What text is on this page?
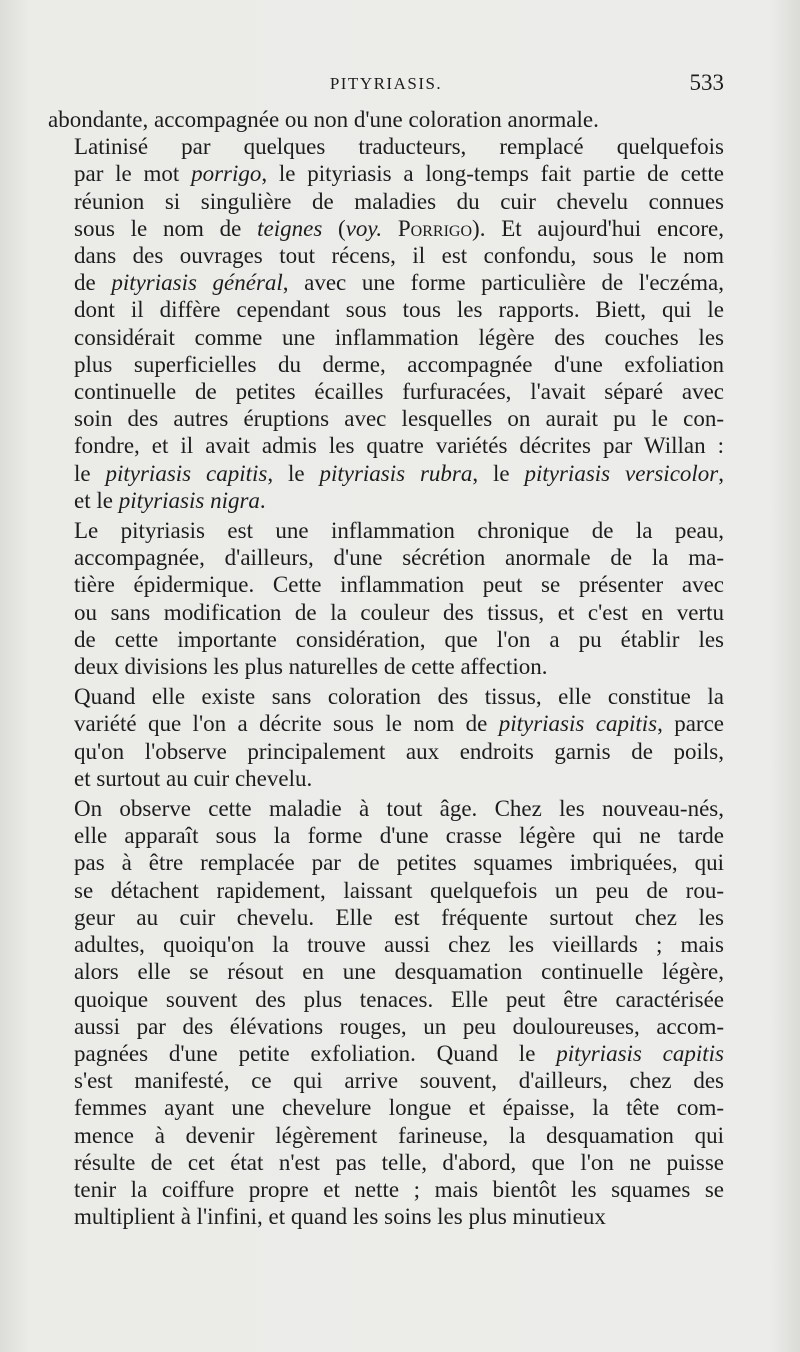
PITYRIASIS.	533

abondante, accompagnée ou non d'une coloration anormale.

Latinisé par quelques traducteurs, remplacé quelquefois
par le mot porrigo, le pityriasis a long-temps fait partie de cette
réunion si singulière de maladies du cuir chevelu connues
sous le nom de teignes (voy. Porrigo). Et aujourd'hui encore,
dans des ouvrages tout récens, il est confondu, sous le nom
de pityriasis général, avec une forme particulière de l'eczéma,
dont il diffère cependant sous tous les rapports. Biett, qui le
considérait comme une inflammation légère des couches les
plus superficielles du derme, accompagnée d'une exfoliation
continuelle de petites écailles furfuracées, l'avait séparé avec
soin des autres éruptions avec lesquelles on aurait pu le con-
fondre, et il avait admis les quatre variétés décrites par Willan :
le pityriasis capitis, le pityriasis rubra, le pityriasis versicolor,
et le pityriasis nigra.

Le pityriasis est une inflammation chronique de la peau,
accompagnée, d'ailleurs, d'une sécrétion anormale de la ma-
tière épidermique. Cette inflammation peut se présenter avec
ou sans modification de la couleur des tissus, et c'est en vertu
de cette importante considération, que l'on a pu établir les
deux divisions les plus naturelles de cette affection.

Quand elle existe sans coloration des tissus, elle constitue la
variété que l'on a décrite sous le nom de pityriasis capitis, parce
qu'on l'observe principalement aux endroits garnis de poils,
et surtout au cuir chevelu.

On observe cette maladie à tout âge. Chez les nouveau-nés,
elle apparaît sous la forme d'une crasse légère qui ne tarde
pas à être remplacée par de petites squames imbriquées, qui
se détachent rapidement, laissant quelquefois un peu de rou-
geur au cuir chevelu. Elle est fréquente surtout chez les
adultes, quoiqu'on la trouve aussi chez les vieillards ; mais
alors elle se résout en une desquamation continuelle légère,
quoique souvent des plus tenaces. Elle peut être caractérisée
aussi par des élévations rouges, un peu douloureuses, accom-
pagnées d'une petite exfoliation. Quand le pityriasis capitis
s'est manifesté, ce qui arrive souvent, d'ailleurs, chez des
femmes ayant une chevelure longue et épaisse, la tête com-
mence à devenir légèrement farineuse, la desquamation qui
résulte de cet état n'est pas telle, d'abord, que l'on ne puisse
tenir la coiffure propre et nette ; mais bientôt les squames se
multiplient à l'infini, et quand les soins les plus minutieux
